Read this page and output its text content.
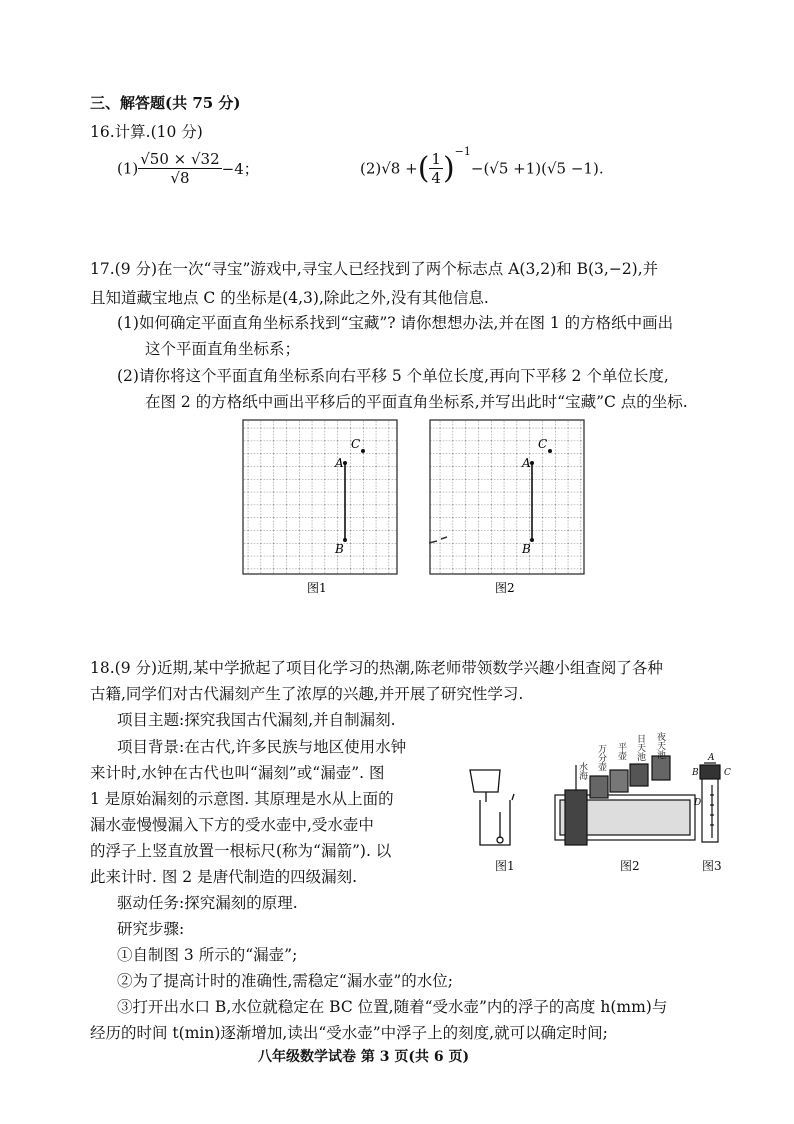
三、解答题(共 75 分)
16.计算.(10 分)
$(1) \frac{√50 \times √32}{√8} -4$；	(2)√8 +( $\frac{1}{4} )^{-1}-(√5 +1)(√5 -1)$.
17.(9 分)在一次“寻宝”游戏中,寻宝人已经找到了两个标志点 A(3,2)和 B(3,−2),并
且知道藏宝地点 C 的坐标是(4,3),除此之外,没有其他信息.
(1)如何确定平面直角坐标系找到“宝藏”? 请你想想办法,并在图 1 的方格纸中画出
这个平面直角坐标系；
(2)请你将这个平面直角坐标系向右平移 5 个单位长度,再向下平移 2 个单位长度,
在图 2 的方格纸中画出平移后的平面直角坐标系,并写出此时“宝藏”C 点的坐标.
A
B
C
图1
A
B
C
图2
18.(9 分)近期,某中学掀起了项目化学习的热潮,陈老师带领数学兴趣小组查阅了各种
古籍,同学们对古代漏刻产生了浓厚的兴趣,并开展了研究性学习.
项目主题:探究我国古代漏刻,并自制漏刻.
项目背景:在古代,许多民族与地区使用水钟
来计时,水钟在古代也叫“漏刻”或“漏壶”. 图
1 是原始漏刻的示意图. 其原理是水从上面的
漏水壶慢慢漏入下方的受水壶中,受水壶中
的浮子上竖直放置一根标尺(称为“漏箭”). 以
此来计时. 图 2 是唐代制造的四级漏刻.
驱动任务:探究漏刻的原理.
研究步骤:
①自制图 3 所示的“漏壶”;
②为了提高计时的准确性,需稳定“漏水壶”的水位;
③打开出水口 B,水位就稳定在 BC 位置,随着“受水壶”内的浮子的高度 h(mm)与
经历的时间 t(min)逐渐增加,读出“受水壶”中浮子上的刻度,就可以确定时间;
图1
水海 万分壶 平壶 日天池 夜天池
图2
A
B	C
D
图3
八年级数学试卷 第 3 页(共 6 页)
